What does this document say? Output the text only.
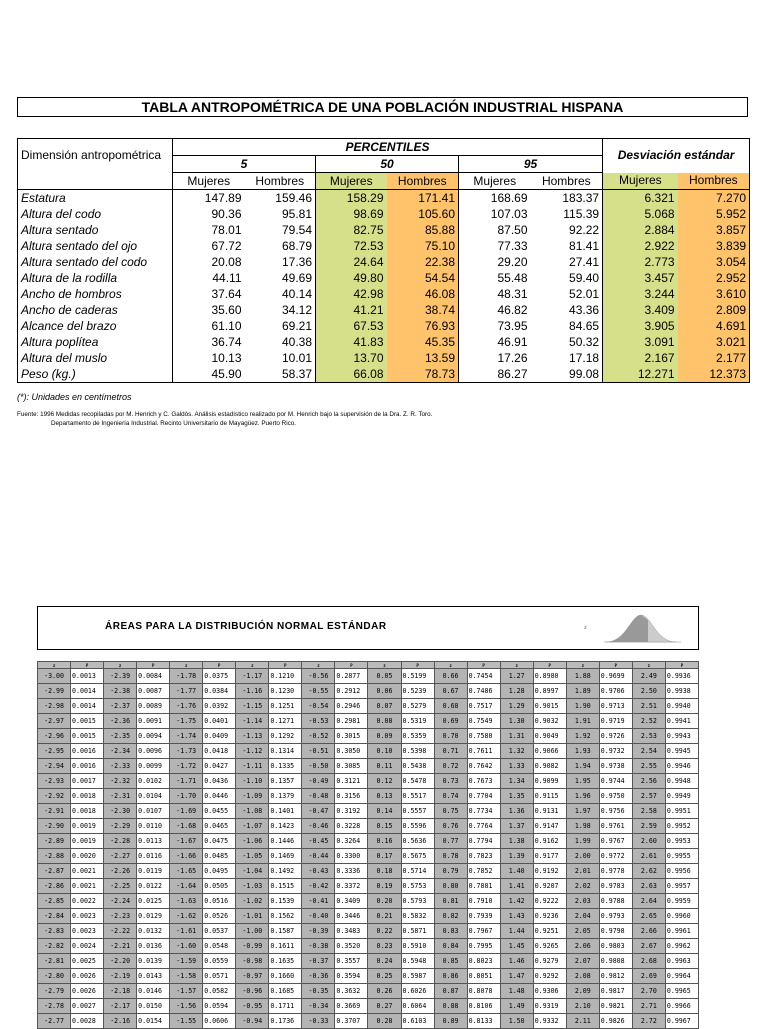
TABLA ANTROPOMÉTRICA DE UNA POBLACIÓN INDUSTRIAL HISPANA
Dimensión antropométrica	PERCENTILES						Desviación estándar	
	5		50		95			
	Mujeres	Hombres	Mujeres	Hombres	Mujeres	Hombres	Mujeres	Hombres
Estatura	147.89	159.46	158.29	171.41	168.69	183.37	6.321	7.270
Altura del codo	90.36	95.81	98.69	105.60	107.03	115.39	5.068	5.952
Altura sentado	78.01	79.54	82.75	85.88	87.50	92.22	2.884	3.857
Altura sentado del ojo	67.72	68.79	72.53	75.10	77.33	81.41	2.922	3.839
Altura sentado del codo	20.08	17.36	24.64	22.38	29.20	27.41	2.773	3.054
Altura de la rodilla	44.11	49.69	49.80	54.54	55.48	59.40	3.457	2.952
Ancho de hombros	37.64	40.14	42.98	46.08	48.31	52.01	3.244	3.610
Ancho de caderas	35.60	34.12	41.21	38.74	46.82	43.36	3.409	2.809
Alcance del brazo	61.10	69.21	67.53	76.93	73.95	84.65	3.905	4.691
Altura poplítea	36.74	40.38	41.83	45.35	46.91	50.32	3.091	3.021
Altura del muslo	10.13	10.01	13.70	13.59	17.26	17.18	2.167	2.177
Peso (kg.)	45.90	58.37	66.08	78.73	86.27	99.08	12.271	12.373
(*): Unidades en centímetros
Fuente: 1996 Medidas recopiladas por M. Henrich y C. Galdós. Análisis estadístico realizado por M. Henrich bajo la supervisión de la Dra. Z. R. Toro.
Departamento de Ingeniería Industrial. Recinto Universitario de Mayagüez. Puerto Rico.
ÁREAS PARA LA DISTRIBUCIÓN NORMAL ESTÁNDAR	z
z	P	z	P	z	P	z	P	z	P	z	P	z	P	z	P	z	P	z	P
-3.00	0.0013	-2.39	0.0084	-1.78	0.0375	-1.17	0.1210	-0.56	0.2877	0.05	0.5199	0.66	0.7454	1.27	0.8980	1.88	0.9699	2.49	0.9936
-2.99	0.0014	-2.38	0.0087	-1.77	0.0384	-1.16	0.1230	-0.55	0.2912	0.06	0.5239	0.67	0.7486	1.28	0.8997	1.89	0.9706	2.50	0.9938
-2.98	0.0014	-2.37	0.0089	-1.76	0.0392	-1.15	0.1251	-0.54	0.2946	0.07	0.5279	0.68	0.7517	1.29	0.9015	1.90	0.9713	2.51	0.9940
-2.97	0.0015	-2.36	0.0091	-1.75	0.0401	-1.14	0.1271	-0.53	0.2981	0.08	0.5319	0.69	0.7549	1.30	0.9032	1.91	0.9719	2.52	0.9941
-2.96	0.0015	-2.35	0.0094	-1.74	0.0409	-1.13	0.1292	-0.52	0.3015	0.09	0.5359	0.70	0.7580	1.31	0.9049	1.92	0.9726	2.53	0.9943
-2.95	0.0016	-2.34	0.0096	-1.73	0.0418	-1.12	0.1314	-0.51	0.3050	0.10	0.5398	0.71	0.7611	1.32	0.9066	1.93	0.9732	2.54	0.9945
-2.94	0.0016	-2.33	0.0099	-1.72	0.0427	-1.11	0.1335	-0.50	0.3085	0.11	0.5438	0.72	0.7642	1.33	0.9082	1.94	0.9738	2.55	0.9946
-2.93	0.0017	-2.32	0.0102	-1.71	0.0436	-1.10	0.1357	-0.49	0.3121	0.12	0.5478	0.73	0.7673	1.34	0.9099	1.95	0.9744	2.56	0.9948
-2.92	0.0018	-2.31	0.0104	-1.70	0.0446	-1.09	0.1379	-0.48	0.3156	0.13	0.5517	0.74	0.7704	1.35	0.9115	1.96	0.9750	2.57	0.9949
-2.91	0.0018	-2.30	0.0107	-1.69	0.0455	-1.08	0.1401	-0.47	0.3192	0.14	0.5557	0.75	0.7734	1.36	0.9131	1.97	0.9756	2.58	0.9951
-2.90	0.0019	-2.29	0.0110	-1.68	0.0465	-1.07	0.1423	-0.46	0.3228	0.15	0.5596	0.76	0.7764	1.37	0.9147	1.98	0.9761	2.59	0.9952
-2.89	0.0019	-2.28	0.0113	-1.67	0.0475	-1.06	0.1446	-0.45	0.3264	0.16	0.5636	0.77	0.7794	1.38	0.9162	1.99	0.9767	2.60	0.9953
-2.88	0.0020	-2.27	0.0116	-1.66	0.0485	-1.05	0.1469	-0.44	0.3300	0.17	0.5675	0.78	0.7823	1.39	0.9177	2.00	0.9772	2.61	0.9955
-2.87	0.0021	-2.26	0.0119	-1.65	0.0495	-1.04	0.1492	-0.43	0.3336	0.18	0.5714	0.79	0.7852	1.40	0.9192	2.01	0.9778	2.62	0.9956
-2.86	0.0021	-2.25	0.0122	-1.64	0.0505	-1.03	0.1515	-0.42	0.3372	0.19	0.5753	0.80	0.7881	1.41	0.9207	2.02	0.9783	2.63	0.9957
-2.85	0.0022	-2.24	0.0125	-1.63	0.0516	-1.02	0.1539	-0.41	0.3409	0.20	0.5793	0.81	0.7910	1.42	0.9222	2.03	0.9788	2.64	0.9959
-2.84	0.0023	-2.23	0.0129	-1.62	0.0526	-1.01	0.1562	-0.40	0.3446	0.21	0.5832	0.82	0.7939	1.43	0.9236	2.04	0.9793	2.65	0.9960
-2.83	0.0023	-2.22	0.0132	-1.61	0.0537	-1.00	0.1587	-0.39	0.3483	0.22	0.5871	0.83	0.7967	1.44	0.9251	2.05	0.9798	2.66	0.9961
-2.82	0.0024	-2.21	0.0136	-1.60	0.0548	-0.99	0.1611	-0.38	0.3520	0.23	0.5910	0.84	0.7995	1.45	0.9265	2.06	0.9803	2.67	0.9962
-2.81	0.0025	-2.20	0.0139	-1.59	0.0559	-0.98	0.1635	-0.37	0.3557	0.24	0.5948	0.85	0.8023	1.46	0.9279	2.07	0.9808	2.68	0.9963
-2.80	0.0026	-2.19	0.0143	-1.58	0.0571	-0.97	0.1660	-0.36	0.3594	0.25	0.5987	0.86	0.8051	1.47	0.9292	2.08	0.9812	2.69	0.9964
-2.79	0.0026	-2.18	0.0146	-1.57	0.0582	-0.96	0.1685	-0.35	0.3632	0.26	0.6026	0.87	0.8078	1.48	0.9306	2.09	0.9817	2.70	0.9965
-2.78	0.0027	-2.17	0.0150	-1.56	0.0594	-0.95	0.1711	-0.34	0.3669	0.27	0.6064	0.88	0.8106	1.49	0.9319	2.10	0.9821	2.71	0.9966
-2.77	0.0028	-2.16	0.0154	-1.55	0.0606	-0.94	0.1736	-0.33	0.3707	0.28	0.6103	0.89	0.8133	1.50	0.9332	2.11	0.9826	2.72	0.9967
